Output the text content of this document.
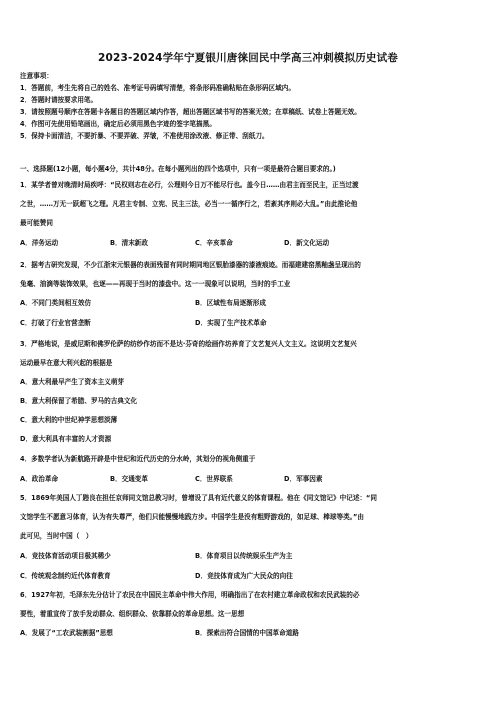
2023-2024学年宁夏银川唐徕回民中学高三冲刺模拟历史试卷
注意事项：
1．答题前，考生先将自己的姓名、准考证号码填写清楚，将条形码准确粘贴在条形码区域内。
2．答题时请按要求用笔。
3．请按照题号顺序在答题卡各题目的答题区域内作答，超出答题区域书写的答案无效；在草稿纸、试卷上答题无效。
4．作图可先使用铅笔画出，确定后必须用黑色字迹的签字笔描黑。
5．保持卡面清洁，不要折暴、不要弄破、弄皱，不准使用涂改液、修正带、刮纸刀。
一、选择题(12小题，每小题4分，共计48分。在每小题列出的四个选项中，只有一项是最符合题目要求的。)
1．某学者曾对晚清时局疾呼：“民权则志在必行，公理则今日万不能尽行也。盖今日……由君主而至民主，正当过渡
之世，……万无一跃超飞之理。凡君主专制、立宪、民主三法，必当一一循序行之，若紊其序则必大乱。”由此推论他
最可能赞同
A．洋务运动	B．清末新政	C．辛亥革命	D．新文化运动
2．据考古研究发现，不少江浙宋元银器的表面残留有同时期同地区银胎漆器的漆液痕迹。而福建建窑黑釉盏呈现出的
兔毫、油滴等装饰效果，也逐——再现于当时的漆盘中。这一一现象可以说明，当时的手工业
A．不同门类间相互效仿	B．区域性布局逐渐形成
C．打破了行业官营垄断	D．实现了生产技术革命
3．严格地说，是威尼斯和佛罗伦萨的纺纱作坊而不是达·芬奇的绘画作坊养育了文艺复兴人文主义。这说明文艺复兴
运动最早在意大利兴起的根据是
A．意大利最早产生了资本主义萌芽
B．意大利保留了希腊、罗马的古典文化
C．意大利的中世纪神学思想淡薄
D．意大利具有丰富的人才资源
4．多数学者认为新航路开辟是中世纪和近代历史的分水岭，其划分的视角侧重于
A．政治革命	B．交通变革	C．世界联系	D．军事因素
5．1869年美国人丁韪良在担任京师同文馆总教习时，曾增设了具有近代意义的体育课程。他在《同文馆记》中记述：“同
文馆学生不愿意习体育，认为有失尊严，他们只能慢慢地践方步。中国学生是没有粗野游戏的，如足球、棒球等类。”由
此可见，当时中国（　）
A．竞技体育活动项目极其稀少	B．体育项目以传统娱乐生产为主
C．传统观念制约近代体育教育	D．竞技体育成为广大民众的向往
6．1927年初，毛泽东先分估计了农民在中国民主革命中伟大作用，明确指出了在农村建立革命政权和农民武装的必
要性，着重宣传了放手发动群众、组织群众、依靠群众的革命思想。这一思想
A．发展了“工农武装割据”思想	B．探索出符合国情的中国革命道路
